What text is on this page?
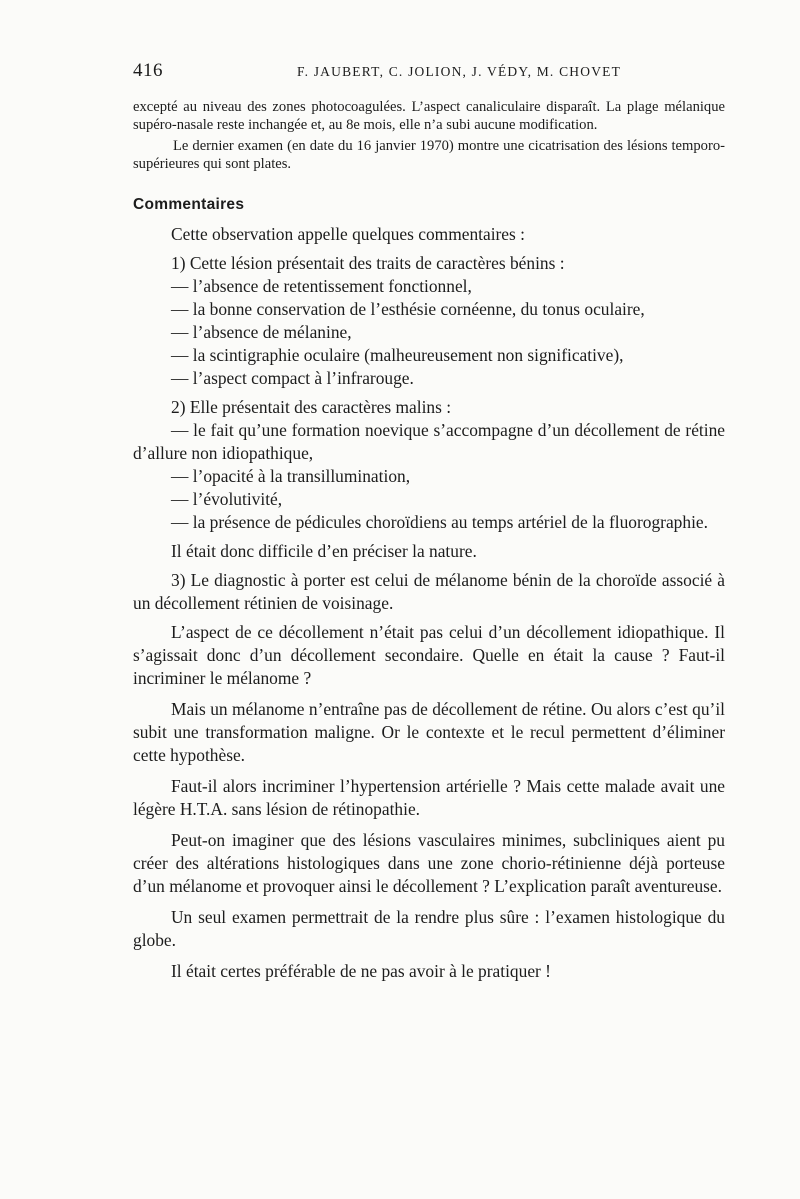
416	F. JAUBERT, C. JOLION, J. VÉDY, M. CHOVET

excepté au niveau des zones photocoagulées. L’aspect canaliculaire disparaît. La plage mélanique supéro-nasale reste inchangée et, au 8e mois, elle n’a subi aucune modification.

Le dernier examen (en date du 16 janvier 1970) montre une cicatrisation des lésions temporo-supérieures qui sont plates.

Commentaires

Cette observation appelle quelques commentaires :

1) Cette lésion présentait des traits de caractères bénins :

— l’absence de retentissement fonctionnel,

— la bonne conservation de l’esthésie cornéenne, du tonus oculaire,

— l’absence de mélanine,

— la scintigraphie oculaire (malheureusement non significative),

— l’aspect compact à l’infrarouge.

2) Elle présentait des caractères malins :

— le fait qu’une formation noevique s’accompagne d’un décollement de rétine d’allure non idiopathique,

— l’opacité à la transillumination,

— l’évolutivité,

— la présence de pédicules choroïdiens au temps artériel de la fluorographie.

Il était donc difficile d’en préciser la nature.

3) Le diagnostic à porter est celui de mélanome bénin de la choroïde associé à un décollement rétinien de voisinage.

L’aspect de ce décollement n’était pas celui d’un décollement idiopathique. Il s’agissait donc d’un décollement secondaire. Quelle en était la cause ? Faut-il incriminer le mélanome ?

Mais un mélanome n’entraîne pas de décollement de rétine. Ou alors c’est qu’il subit une transformation maligne. Or le contexte et le recul permettent d’éliminer cette hypothèse.

Faut-il alors incriminer l’hypertension artérielle ? Mais cette malade avait une légère H.T.A. sans lésion de rétinopathie.

Peut-on imaginer que des lésions vasculaires minimes, subcliniques aient pu créer des altérations histologiques dans une zone chorio-rétinienne déjà porteuse d’un mélanome et provoquer ainsi le décollement ? L’explication paraît aventureuse.

Un seul examen permettrait de la rendre plus sûre : l’examen histologique du globe.

Il était certes préférable de ne pas avoir à le pratiquer !
